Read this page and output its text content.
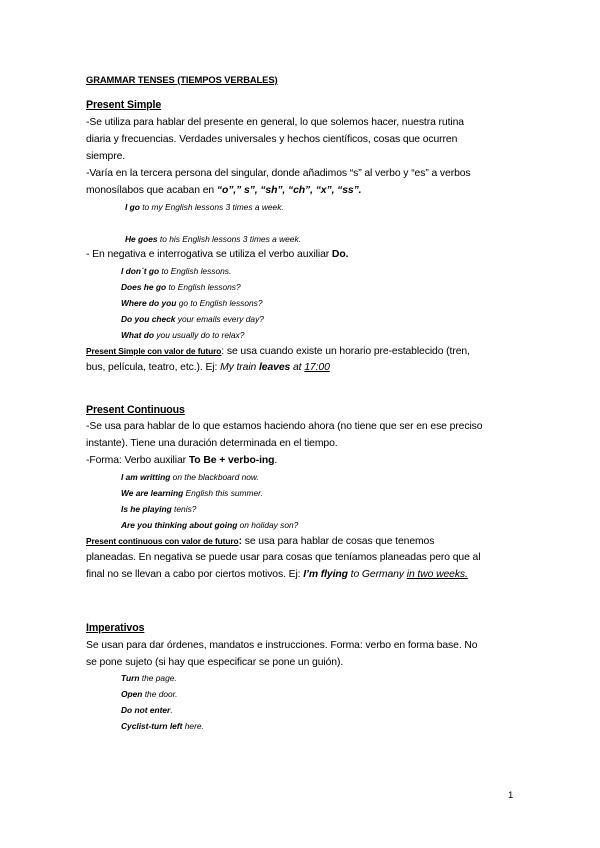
GRAMMAR TENSES (TIEMPOS VERBALES)
Present Simple
-Se utiliza para hablar del presente en general, lo que solemos hacer, nuestra rutina
diaria y frecuencias. Verdades universales y hechos científicos, cosas que ocurren
siempre.
-Varía en la tercera persona del singular, donde añadimos “s” al verbo y “es” a verbos
monosílabos que acaban en “o”,” s”, “sh”, “ch”, “x”, “ss”.
I go to my English lessons 3 times a week.
He goes to his English lessons 3 times a week.
- En negativa e interrogativa se utiliza el verbo auxiliar Do.
I don´t go to English lessons.
Does he go to English lessons?
Where do you go to English lessons?
Do you check your emails every day?
What do you usually do to relax?
Present Simple con valor de futuro: se usa cuando existe un horario pre-establecido (tren,
bus, película, teatro, etc.). Ej: My train leaves at 17:00
Present Continuous
-Se usa para hablar de lo que estamos haciendo ahora (no tiene que ser en ese preciso
instante). Tiene una duración determinada en el tiempo.
-Forma: Verbo auxiliar To Be + verbo-ing.
I am writting on the blackboard now.
We are learning English this summer.
Is he playing tenis?
Are you thinking about going on holiday son?
Present continuous con valor de futuro: se usa para hablar de cosas que tenemos
planeadas. En negativa se puede usar para cosas que teníamos planeadas pero que al
final no se llevan a cabo por ciertos motivos. Ej: I’m flying to Germany in two weeks.
Imperativos
Se usan para dar órdenes, mandatos e instrucciones. Forma: verbo en forma base. No
se pone sujeto (si hay que especificar se pone un guión).
Turn the page.
Open the door.
Do not enter.
Cyclist-turn left here.
1
